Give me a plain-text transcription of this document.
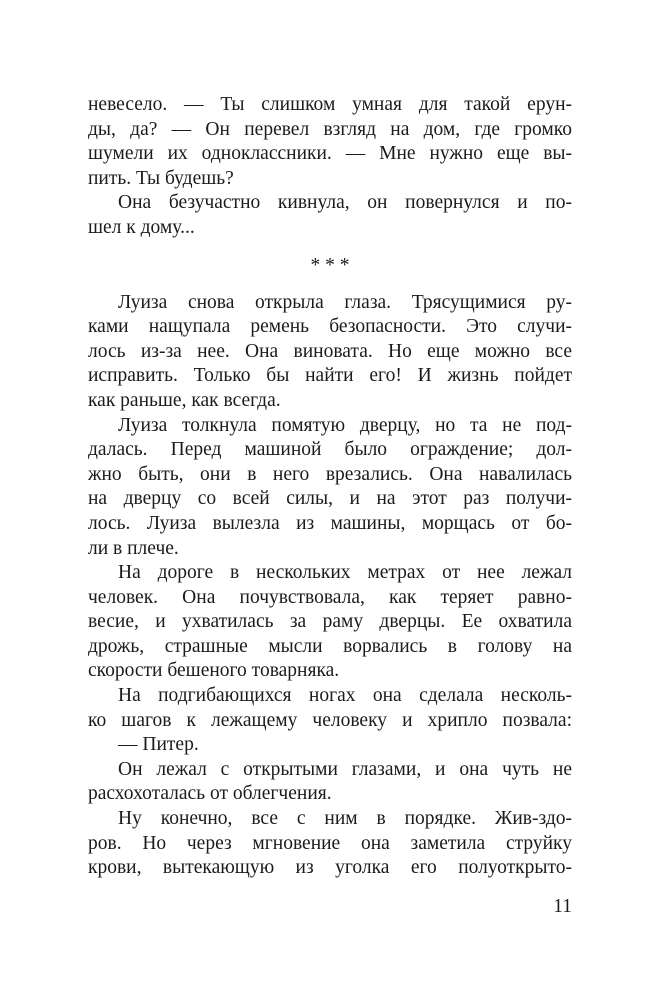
невесело. — Ты слишком умная для такой ерун-
ды, да? — Он перевел взгляд на дом, где громко
шумели их одноклассники. — Мне нужно еще вы-
пить. Ты будешь?
Она безучастно кивнула, он повернулся и по-
шел к дому...
* * *
Луиза снова открыла глаза. Трясущимися ру-
ками нащупала ремень безопасности. Это случи-
лось из-за нее. Она виновата. Но еще можно все
исправить. Только бы найти его! И жизнь пойдет
как раньше, как всегда.
Луиза толкнула помятую дверцу, но та не под-
далась. Перед машиной было ограждение; дол-
жно быть, они в него врезались. Она навалилась
на дверцу со всей силы, и на этот раз получи-
лось. Луиза вылезла из машины, морщась от бо-
ли в плече.
На дороге в нескольких метрах от нее лежал
человек. Она почувствовала, как теряет равно-
весие, и ухватилась за раму дверцы. Ее охватила
дрожь, страшные мысли ворвались в голову на
скорости бешеного товарняка.
На подгибающихся ногах она сделала несколь-
ко шагов к лежащему человеку и хрипло позвала:
— Питер.
Он лежал с открытыми глазами, и она чуть не
расхохоталась от облегчения.
Ну конечно, все с ним в порядке. Жив-здо-
ров. Но через мгновение она заметила струйку
крови, вытекающую из уголка его полуоткрыто-
11
